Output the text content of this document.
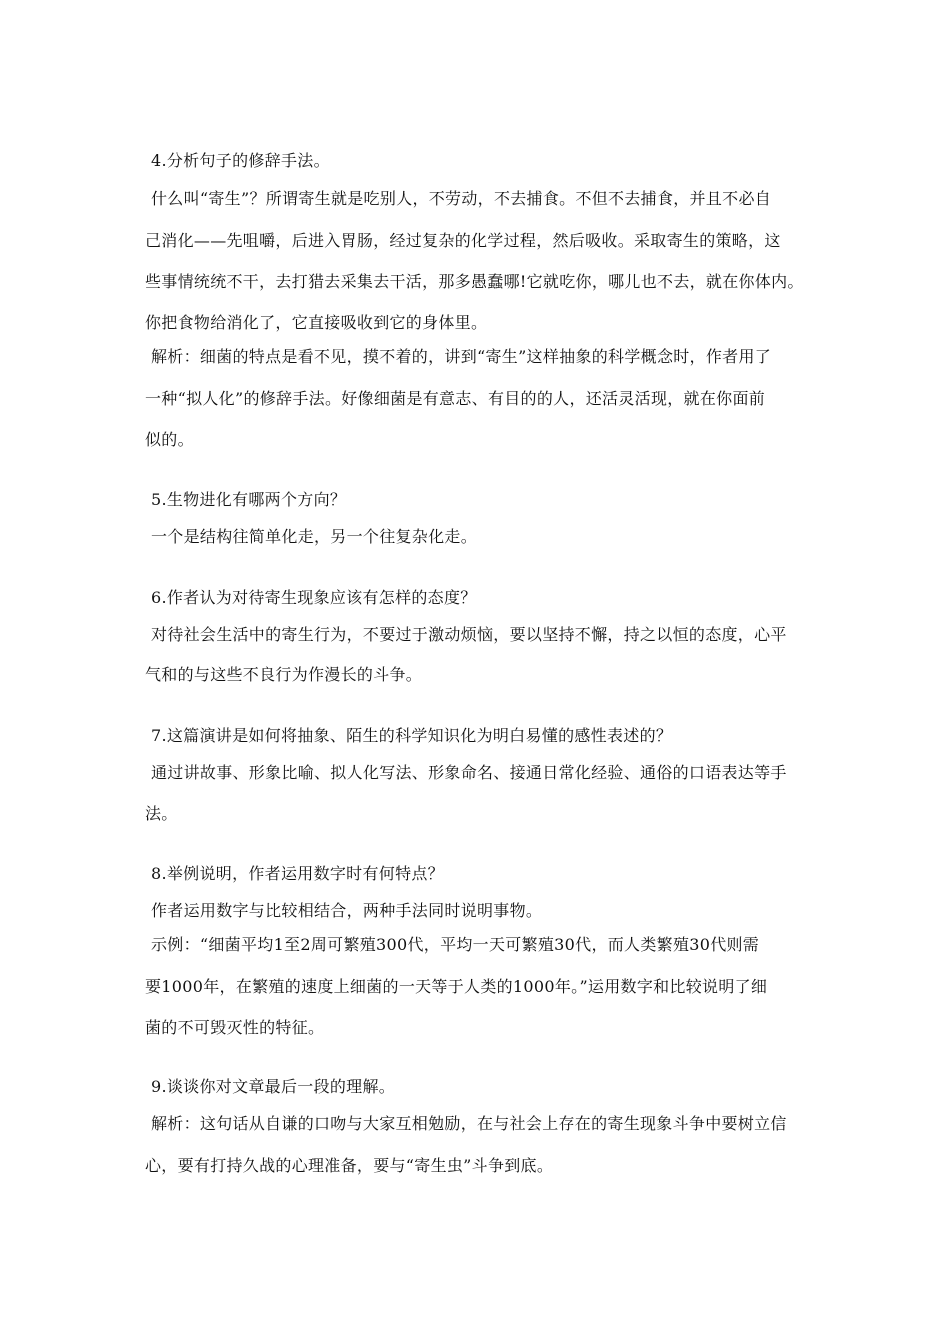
4.分析句子的修辞手法。
什么叫“寄生”？所谓寄生就是吃别人，不劳动，不去捕食。不但不去捕食，并且不必自
己消化——先咀嚼，后进入胃肠，经过复杂的化学过程，然后吸收。采取寄生的策略，这
些事情统统不干，去打猎去采集去干活，那多愚蠢哪!它就吃你，哪儿也不去，就在你体内。
你把食物给消化了，它直接吸收到它的身体里。
解析：细菌的特点是看不见，摸不着的，讲到“寄生”这样抽象的科学概念时，作者用了
一种“拟人化”的修辞手法。好像细菌是有意志、有目的的人，还活灵活现，就在你面前
似的。
5.生物进化有哪两个方向？
一个是结构往简单化走，另一个往复杂化走。
6.作者认为对待寄生现象应该有怎样的态度？
对待社会生活中的寄生行为，不要过于激动烦恼，要以坚持不懈，持之以恒的态度，心平
气和的与这些不良行为作漫长的斗争。
7.这篇演讲是如何将抽象、陌生的科学知识化为明白易懂的感性表述的？
通过讲故事、形象比喻、拟人化写法、形象命名、接通日常化经验、通俗的口语表达等手
法。
8.举例说明，作者运用数字时有何特点？
作者运用数字与比较相结合，两种手法同时说明事物。
示例：“细菌平均1至2周可繁殖300代，平均一天可繁殖30代，而人类繁殖30代则需
要1000年，在繁殖的速度上细菌的一天等于人类的1000年。”运用数字和比较说明了细
菌的不可毁灭性的特征。
9.谈谈你对文章最后一段的理解。
解析：这句话从自谦的口吻与大家互相勉励，在与社会上存在的寄生现象斗争中要树立信
心，要有打持久战的心理准备，要与“寄生虫”斗争到底。
